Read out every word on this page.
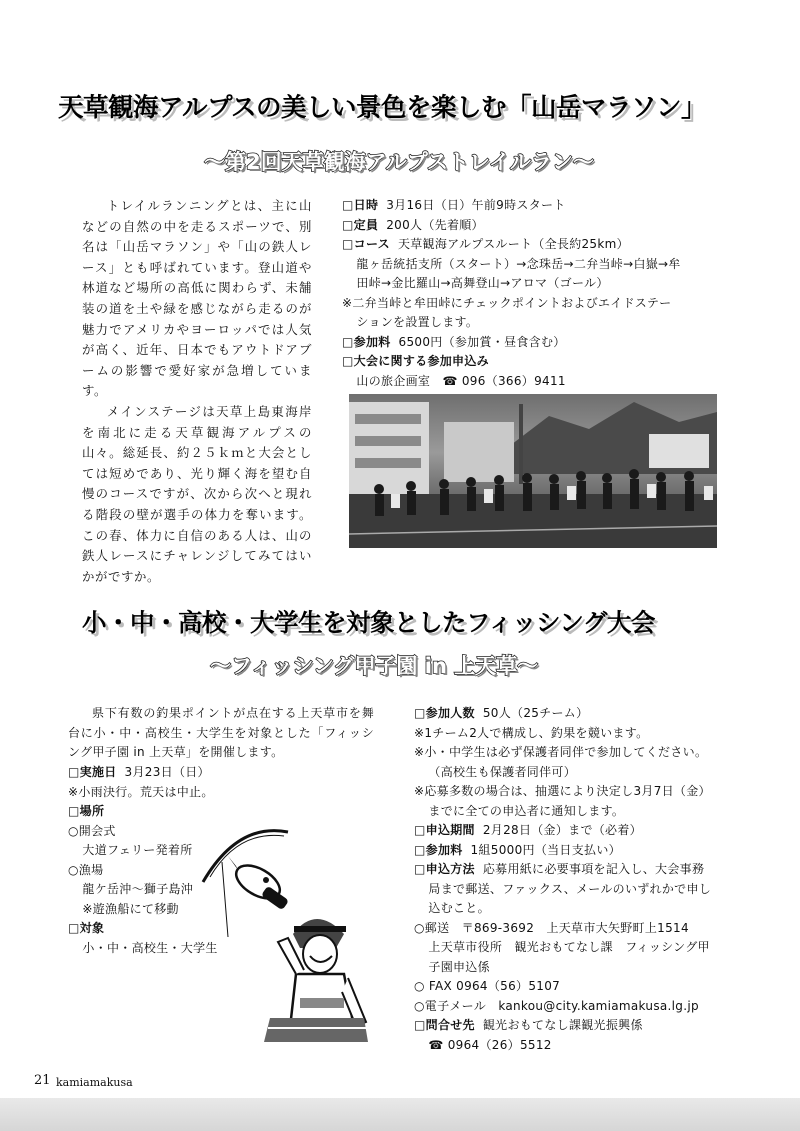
天草観海アルプスの美しい景色を楽しむ「山岳マラソン」
～第2回天草観海アルプストレイルラン～

トレイルランニングとは、主に山などの自然の中を走るスポーツで、別名は「山岳マラソン」や「山の鉄人レース」とも呼ばれています。登山道や林道など場所の高低に関わらず、未舗装の道を土や緑を感じながら走るのが魅力でアメリカやヨーロッパでは人気が高く、近年、日本でもアウトドアブームの影響で愛好家が急増しています。

メインステージは天草上島東海岸を南北に走る天草観海アルプスの山々。総延長、約２５ｋｍと大会としては短めであり、光り輝く海を望む自慢のコースですが、次から次へと現れる階段の壁が選手の体力を奪います。この春、体力に自信のある人は、山の鉄人レースにチャレンジしてみてはいかがですか。

□日時 3月16日（日）午前9時スタート
□定員 200人（先着順）
□コース 天草観海アルプスルート（全長約25km）
龍ヶ岳統括支所（スタート）→念珠岳→二弁当峠→白嶽→牟
田峠→金比羅山→高舞登山→アロマ（ゴール）
※二弁当峠と牟田峠にチェックポイントおよびエイドステー
ションを設置します。
□参加料 6500円（参加賞・昼食含む）
□大会に関する参加申込み
山の旅企画室　 ☎ 096（366）9411
小・中・高校・大学生を対象としたフィッシング大会
～フィッシング甲子園 in 上天草～
県下有数の釣果ポイントが点在する上天草市を舞台に小・中・高校生・大学生を対象とした「フィッシング甲子園 in 上天草」を開催します。
□実施日 3月23日（日）
※小雨決行。荒天は中止。
□場所
○開会式
大道フェリー発着所
○漁場
龍ケ岳沖～獅子島沖
※遊漁船にて移動
□対象
小・中・高校生・大学生
□参加人数 50人（25チーム）
※1チーム2人で構成し、釣果を競います。
※小・中学生は必ず保護者同伴で参加してください。
（高校生も保護者同伴可）
※応募多数の場合は、抽選により決定し3月7日（金）
までに全ての申込者に通知します。
□申込期間 2月28日（金）まで（必着）
□参加料 1組5000円（当日支払い）
□申込方法 応募用紙に必要事項を記入し、大会事務
局まで郵送、ファックス、メールのいずれかで申し
込むこと。
○郵送　〒869-3692　上天草市大矢野町上1514
上天草市役所　観光おもてなし課　フィッシング甲
子園申込係
○ FAX 0964（56）5107
○電子メール　kankou@city.kamiamakusa.lg.jp
□問合せ先 観光おもてなし課観光振興係
☎ 0964（26）5512
21 kamiamakusa
